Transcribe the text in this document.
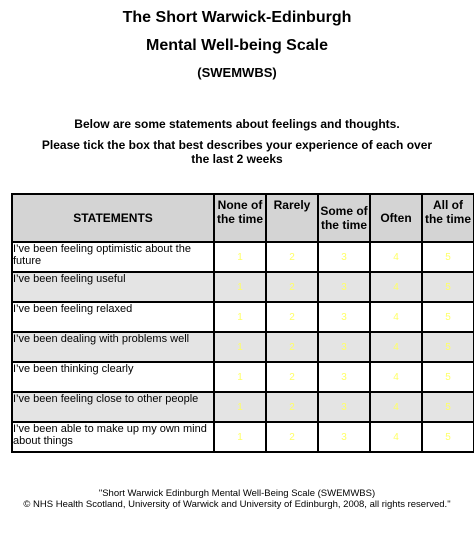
The Short Warwick-Edinburgh
Mental Well-being Scale
(SWEMWBS)
Below are some statements about feelings and thoughts.
Please tick the box that best describes your experience of each over the last 2 weeks
STATEMENTS	None of the time	Rarely	Some of the time	Often	All of the time
I’ve been feeling optimistic about the future	1	2	3	4	5
I’ve been feeling useful	1	2	3	4	5
I’ve been feeling relaxed	1	2	3	4	5
I’ve been dealing with problems well	1	2	3	4	5
I’ve been thinking clearly	1	2	3	4	5
I’ve been feeling close to other people	1	2	3	4	5
I’ve been able to make up my own mind about things	1	2	3	4	5
"Short Warwick Edinburgh Mental Well-Being Scale (SWEMWBS)
© NHS Health Scotland, University of Warwick and University of Edinburgh, 2008, all rights reserved."
